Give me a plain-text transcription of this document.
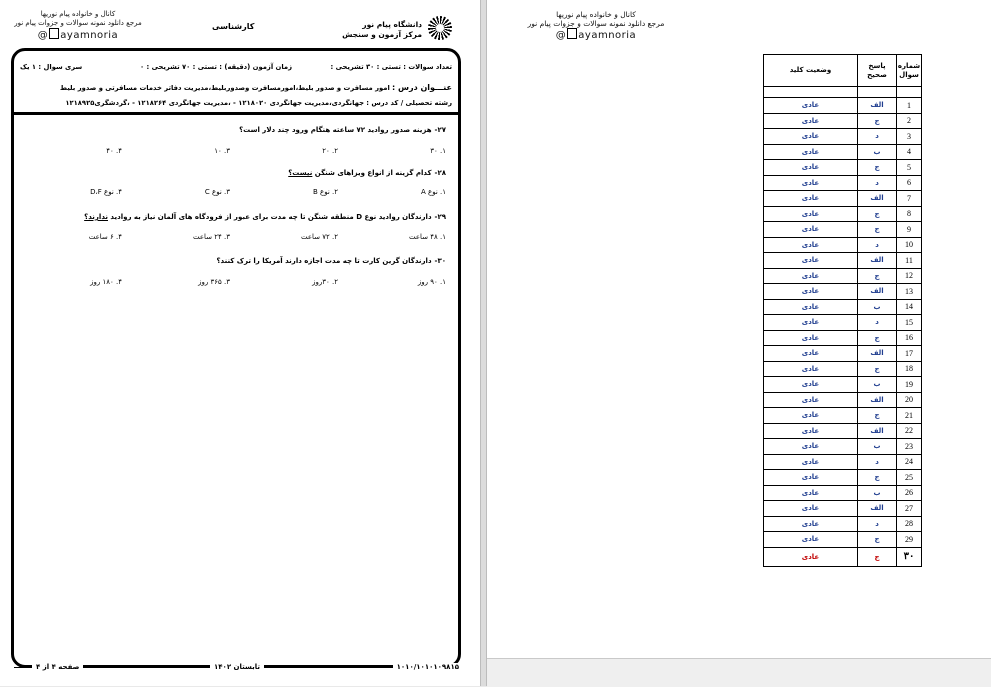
کانال و خانواده پیام نوریها
مرجع دانلود نمونه سوالات و جزوات پیام نور
@ ayamnoria
کارشناسی	دانشگاه پیام نور
مرکز آزمون و سنجش
تعداد سوالات : تستی : ۳۰ تشریحی :
زمان آزمون (دقیقه) : تستی : ۷۰ تشریحی : ۰
سری سوال : ۱ یک
عنـــوان درس : امور مسافرت و صدور بلیط،امورمسافرت وصدوربلیط،مدیریت دفاتر خدمات مسافرتی و صدور بلیط
رشته تحصیلی / کد درس : جهانگردی،مدیریت جهانگردی ۱۲۱۸۰۲۰ - ،مدیریت جهانگردی ۱۲۱۸۲۶۴ - ،گردشگری۱۲۱۸۹۲۵
۲۷-هزینه صدور روادید ۷۲ ساعته هنگام ورود چند دلار است؟
۱. ۳۰
۲. ۲۰
۳. ۱۰
۴. ۴۰
۲۸-کدام گزینه از انواع ویزاهای شنگن نیست؟
۱. نوع A
۲. نوع B
۳. نوع C
۴. نوع D،F
۲۹-دارندگان روادید نوع D منطقه شنگن تا چه مدت برای عبور از فرودگاه های آلمان نیاز به روادید ندارند؟
۱. ۴۸ ساعت
۲. ۷۲ ساعت
۳. ۲۴ ساعت
۴. ۶ ساعت
۳۰-دارندگان گرین کارت تا چه مدت اجازه دارند آمریکا را ترک کنند؟
۱. ۹۰ روز
۲. ۳۰روز
۳. ۳۶۵ روز
۴. ۱۸۰ روز
۱۰۱۰/۱۰۱۰۱۰۹۸۱۵
تابستان ۱۴۰۲
صفحه ۴ از ۴
کانال و خانواده پیام نوریها
مرجع دانلود نمونه سوالات و جزوات پیام نور
@ ayamnoria
شماره سوال	پاسخ صحیح	وضعیت کلید

1	الف	عادی
2	ج	عادی
3	د	عادی
4	ب	عادی
5	ج	عادی
6	د	عادی
7	الف	عادی
8	ج	عادی
9	ج	عادی
10	د	عادی
11	الف	عادی
12	ج	عادی
13	الف	عادی
14	ب	عادی
15	د	عادی
16	ج	عادی
17	الف	عادی
18	ج	عادی
19	ب	عادی
20	الف	عادی
21	ج	عادی
22	الف	عادی
23	ب	عادی
24	د	عادی
25	ج	عادی
26	ب	عادی
27	الف	عادی
28	د	عادی
29	ج	عادی
۳۰	ج	عادی
